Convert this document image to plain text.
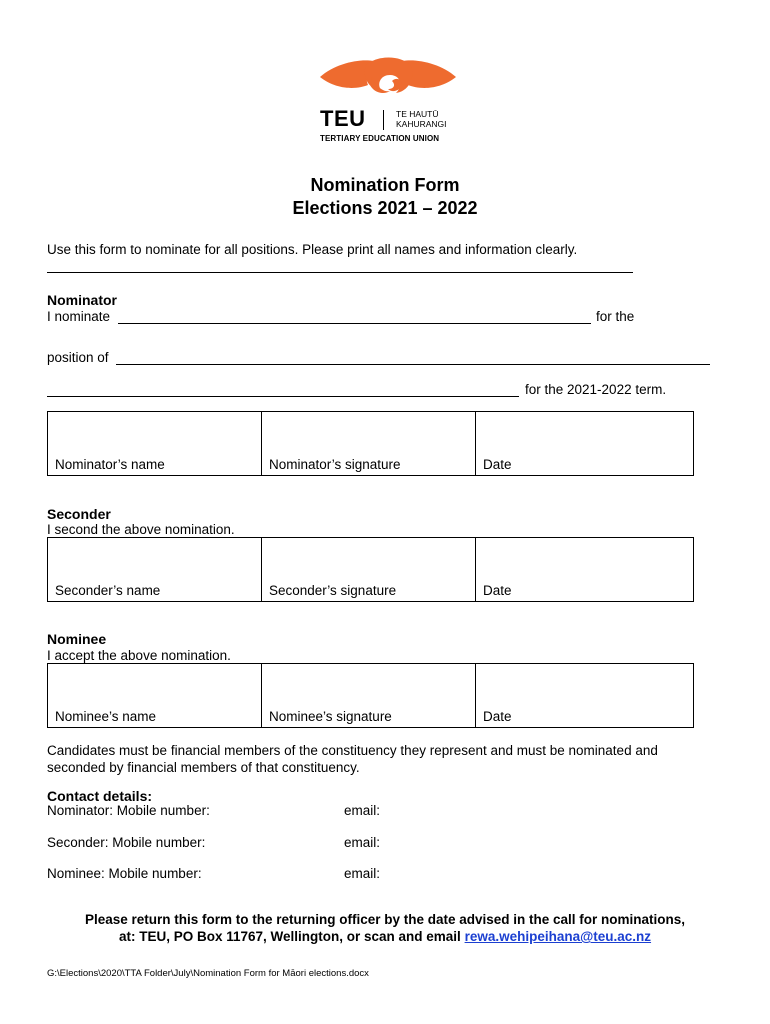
TEU	TE HAUTŪ
KAHURANGI
TERTIARY EDUCATION UNION
Nomination Form
Elections 2021 – 2022
Use this form to nominate for all positions. Please print all names and information clearly.
Nominator
I nominate	for the
position of
for the 2021-2022 term.
Nominator’s name	Nominator’s signature	Date
Seconder
I second the above nomination.
Seconder’s name	Seconder’s signature	Date
Nominee
I accept the above nomination.
Nominee’s name	Nominee’s signature	Date
Candidates must be financial members of the constituency they represent and must be nominated and
seconded by financial members of that constituency.
Contact details:
Nominator: Mobile number:	email:
Seconder: Mobile number:	email:
Nominee: Mobile number:	email:
Please return this form to the returning officer by the date advised in the call for nominations,
at: TEU, PO Box 11767, Wellington, or scan and email rewa.wehipeihana@teu.ac.nz
G:\Elections\2020\TTA Folder\July\Nomination Form for Māori elections.docx
